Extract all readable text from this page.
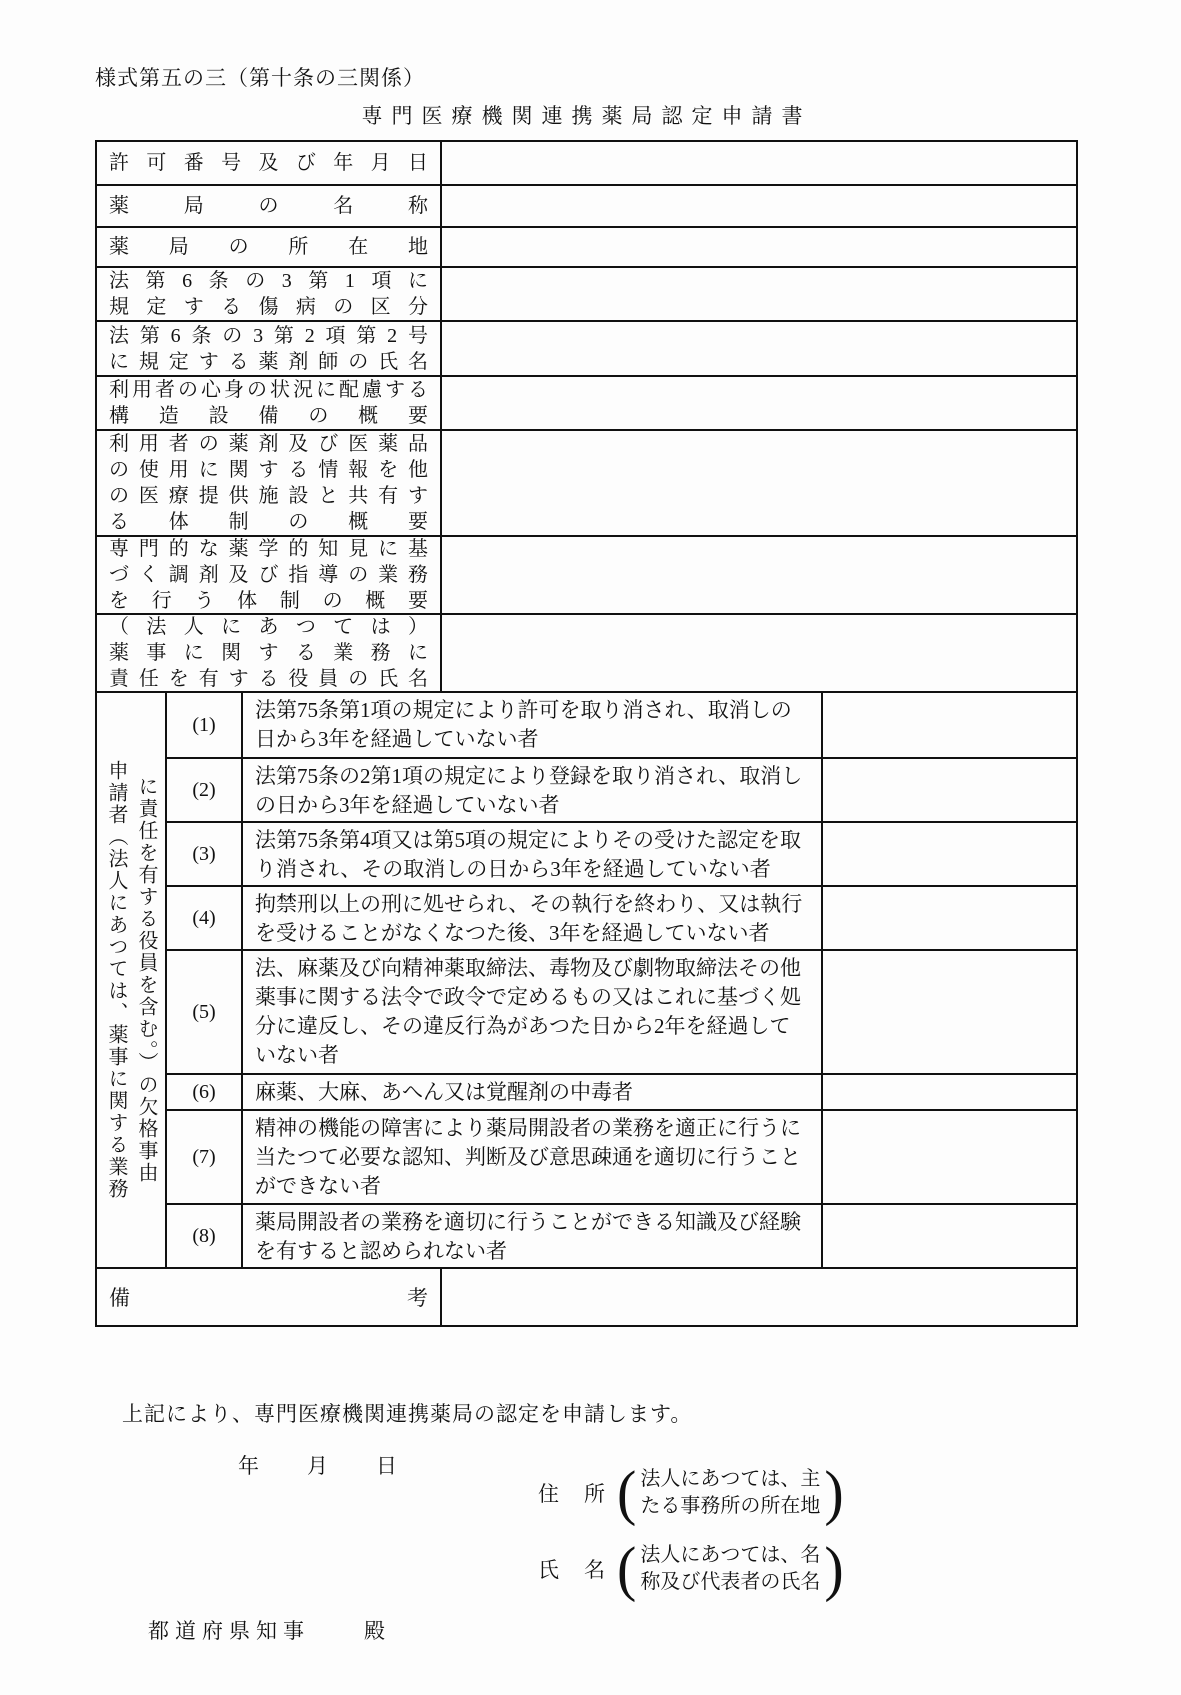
様式第五の三（第十条の三関係）
専門医療機関連携薬局認定申請書
許可番号及び年月日
薬局の名称
薬局の所在地
法第6条の3第1項に
規定する傷病の区分
法第6条の3第2項第2号
に規定する薬剤師の氏名
利用者の心身の状況に配慮する
構造設備の概要
利用者の薬剤及び医薬品
の使用に関する情報を他
の医療提供施設と共有す
る体制の概要
専門的な薬学的知見に基
づく調剤及び指導の業務
を行う体制の概要
（法人にあつては）
薬事に関する業務に
責任を有する役員の氏名
申請者（法人にあつては、薬事に関する業務 に責任を有する役員を含む。）の欠格事由
(1)
法第75条第1項の規定により許可を取り消され、取消しの日から3年を経過していない者
(2)
法第75条の2第1項の規定により登録を取り消され、取消しの日から3年を経過していない者
(3)
法第75条第4項又は第5項の規定によりその受けた認定を取り消され、その取消しの日から3年を経過していない者
(4)
拘禁刑以上の刑に処せられ、その執行を終わり、又は執行を受けることがなくなつた後、3年を経過していない者
(5)
法、麻薬及び向精神薬取締法、毒物及び劇物取締法その他薬事に関する法令で政令で定めるもの又はこれに基づく処分に違反し、その違反行為があつた日から2年を経過していない者
(6)	麻薬、大麻、あへん又は覚醒剤の中毒者
(7)
精神の機能の障害により薬局開設者の業務を適正に行うに当たつて必要な認知、判断及び意思疎通を適切に行うことができない者
(8)
薬局開設者の業務を適切に行うことができる知識及び経験を有すると認められない者
備	考
上記により、専門医療機関連携薬局の認定を申請します。
年　　月　　日
住　所 ( 法人にあつては、主
たる事務所の所在地 )
氏　名 ( 法人にあつては、名
称及び代表者の氏名 )
都道府県知事　　殿
